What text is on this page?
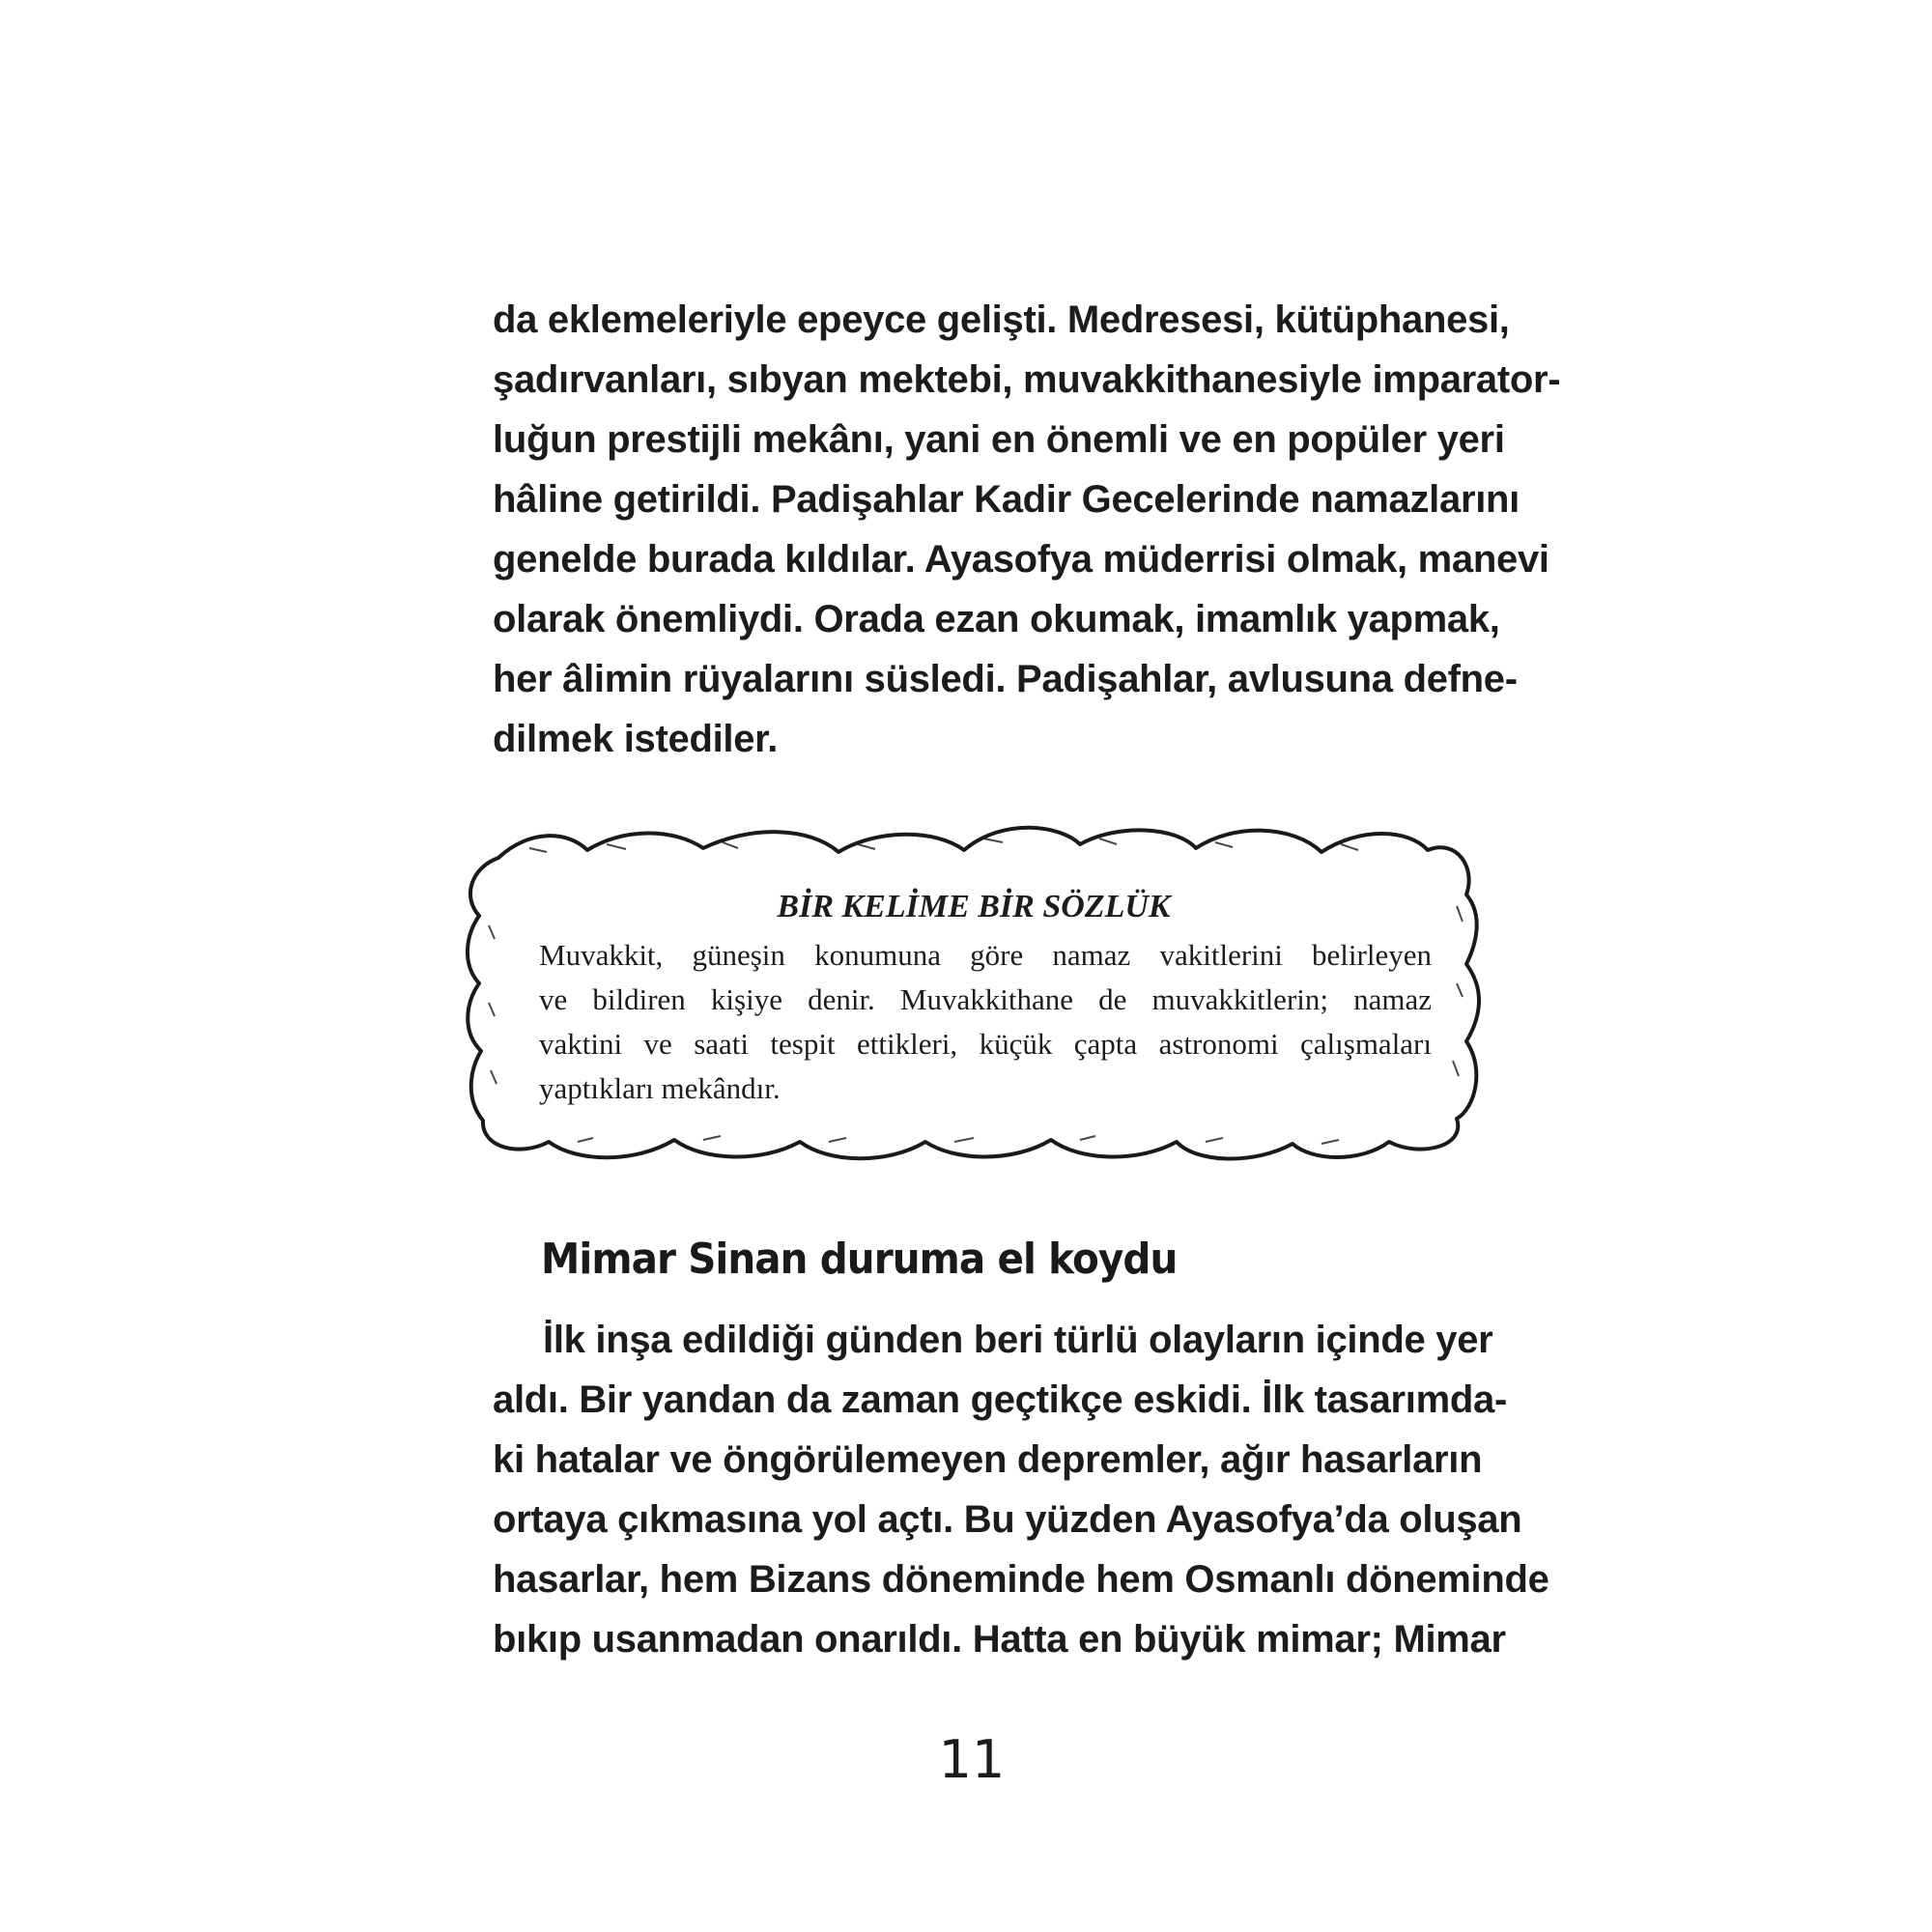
da eklemeleriyle epeyce gelişti. Medresesi, kütüphanesi,
şadırvanları, sıbyan mektebi, muvakkithanesiyle imparator-
luğun prestijli mekânı, yani en önemli ve en popüler yeri
hâline getirildi. Padişahlar Kadir Gecelerinde namazlarını
genelde burada kıldılar. Ayasofya müderrisi olmak, manevi
olarak önemliydi. Orada ezan okumak, imamlık yapmak,
her âlimin rüyalarını süsledi. Padişahlar, avlusuna defne-
dilmek istediler.
BİR KELİME BİR SÖZLÜK
Muvakkit, güneşin konumuna göre namaz vakitlerini belirleyen
ve bildiren kişiye denir. Muvakkithane de muvakkitlerin; namaz
vaktini ve saati tespit ettikleri, küçük çapta astronomi çalışmaları
yaptıkları mekândır.
Mimar Sinan duruma el koydu
İlk inşa edildiği günden beri türlü olayların içinde yer
aldı. Bir yandan da zaman geçtikçe eskidi. İlk tasarımda-
ki hatalar ve öngörülemeyen depremler, ağır hasarların
ortaya çıkmasına yol açtı. Bu yüzden Ayasofya’da oluşan
hasarlar, hem Bizans döneminde hem Osmanlı döneminde
bıkıp usanmadan onarıldı. Hatta en büyük mimar; Mimar
11
